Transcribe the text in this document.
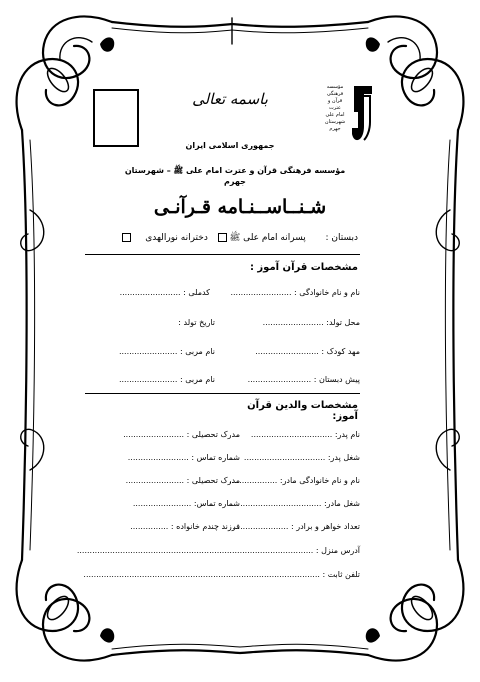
باسمه تعالی
جمهوری اسلامی ایران
مؤسسه فرهنگی قرآن و عترت امام علی ﷺ – شهرستان جهرم
مؤسسه
فرهنگی
قرآن و
عترت
امام علی
شهرستان
جهرم
شـنــاســنـامه قـرآنـی
دبستان :  پسرانه امام علی ﷺ   دخترانه نورالهدی
مشخصات قرآن آموز :
نام و نام خانوادگی : ........................
کدملی : ........................
محل تولد: ........................
تاریخ تولد :
مهد کودک : .........................
نام مربی : .......................
پیش دبستان : .........................
نام مربی : .......................
مشخصات والدین قرآن آموز:
نام پدر: ................................
مدرک تحصیلی : ........................
شغل پدر: ................................
شماره تماس : ........................
نام و نام خانوادگی مادر: ...................
مدرک تحصیلی : .......................
شغل مادر: ................................
شماره تماس: .......................
تعداد خواهر و برادر : ......................
فرزند چندم خانواده : ...............
آدرس منزل : .............................................................................................
تلفن ثابت : .............................................................................................
